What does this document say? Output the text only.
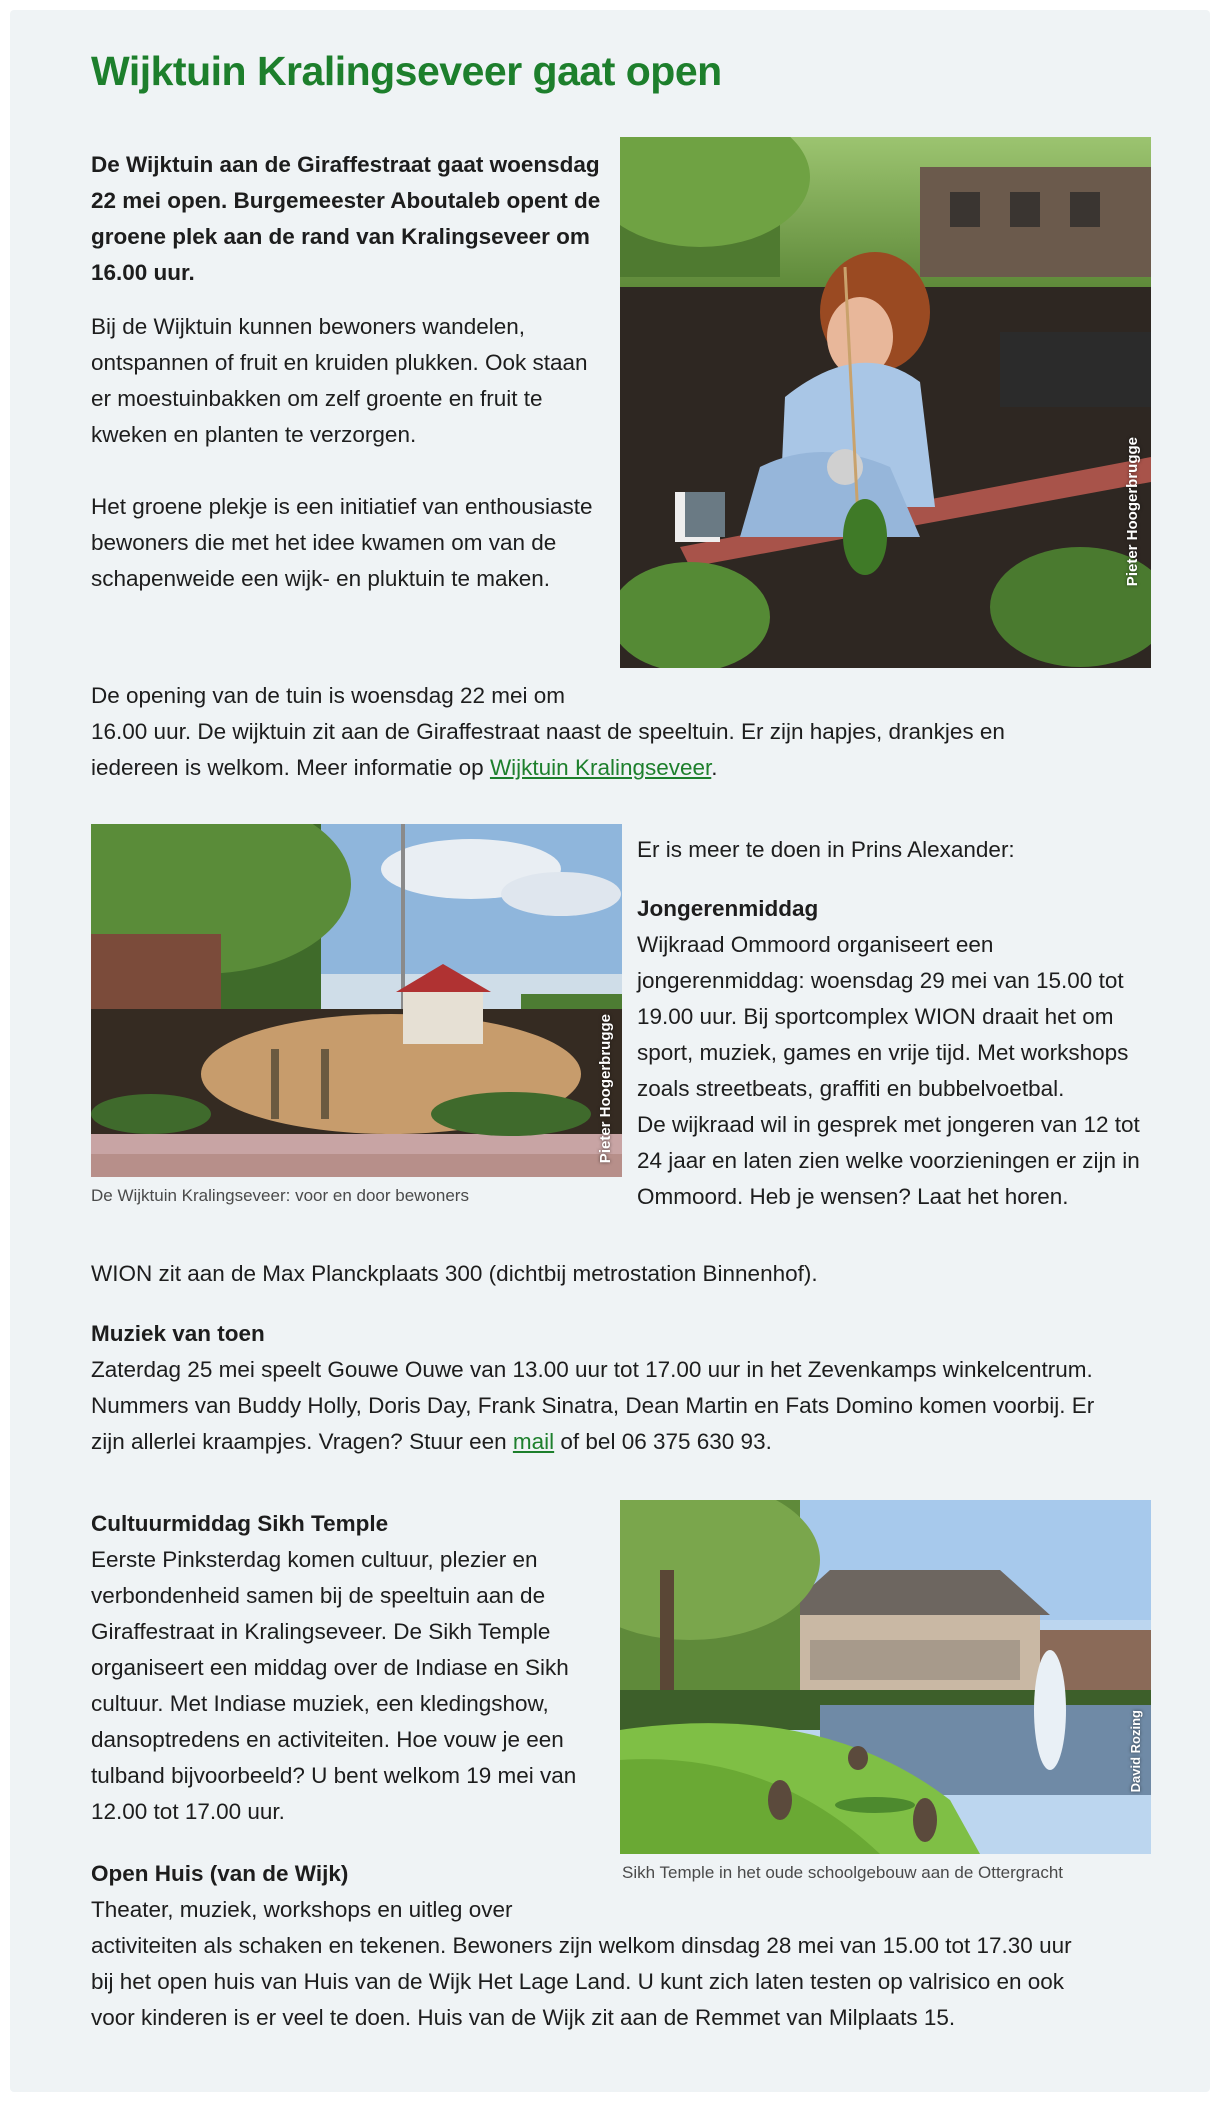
Wijktuin Kralingseveer gaat open

De Wijktuin aan de Giraffestraat gaat woensdag 22 mei open. Burgemeester Aboutaleb opent de groene plek aan de rand van Kralingseveer om 16.00 uur.

Bij de Wijktuin kunnen bewoners wandelen, ontspannen of fruit en kruiden plukken. Ook staan er moestuinbakken om zelf groente en fruit te kweken en planten te verzorgen.

Het groene plekje is een initiatief van enthousiaste bewoners die met het idee kwamen om van de schapenweide een wijk- en pluktuin te maken.	Pieter Hoogerbrugge

De opening van de tuin is woensdag 22 mei om

16.00 uur. De wijktuin zit aan de Giraffestraat naast de speeltuin. Er zijn hapjes, drankjes en

iedereen is welkom. Meer informatie op Wijktuin Kralingseveer.

Pieter Hoogerbrugge
De Wijktuin Kralingseveer: voor en door bewoners

Er is meer te doen in Prins Alexander:

Jongerenmiddag

Wijkraad Ommoord organiseert een jongerenmiddag: woensdag 29 mei van 15.00 tot 19.00 uur. Bij sportcomplex WION draait het om sport, muziek, games en vrije tijd. Met workshops zoals streetbeats, graffiti en bubbelvoetbal.

De wijkraad wil in gesprek met jongeren van 12 tot 24 jaar en laten zien welke voorzieningen er zijn in Ommoord. Heb je wensen? Laat het horen.

WION zit aan de Max Planckplaats 300 (dichtbij metrostation Binnenhof).

Muziek van toen

Zaterdag 25 mei speelt Gouwe Ouwe van 13.00 uur tot 17.00 uur in het Zevenkamps winkelcentrum.

Nummers van Buddy Holly, Doris Day, Frank Sinatra, Dean Martin en Fats Domino komen voorbij. Er

zijn allerlei kraampjes. Vragen? Stuur een mail of bel 06 375 630 93.

Cultuurmiddag Sikh Temple

Eerste Pinksterdag komen cultuur, plezier en verbondenheid samen bij de speeltuin aan de Giraffestraat in Kralingseveer. De Sikh Temple organiseert een middag over de Indiase en Sikh cultuur. Met Indiase muziek, een kledingshow, dansoptredens en activiteiten. Hoe vouw je een tulband bijvoorbeeld? U bent welkom 19 mei van 12.00 tot 17.00 uur.

David Rozing
Sikh Temple in het oude schoolgebouw aan de Ottergracht

Open Huis (van de Wijk)

Theater, muziek, workshops en uitleg over

activiteiten als schaken en tekenen. Bewoners zijn welkom dinsdag 28 mei van 15.00 tot 17.30 uur

bij het open huis van Huis van de Wijk Het Lage Land. U kunt zich laten testen op valrisico en ook

voor kinderen is er veel te doen. Huis van de Wijk zit aan de Remmet van Milplaats 15.
